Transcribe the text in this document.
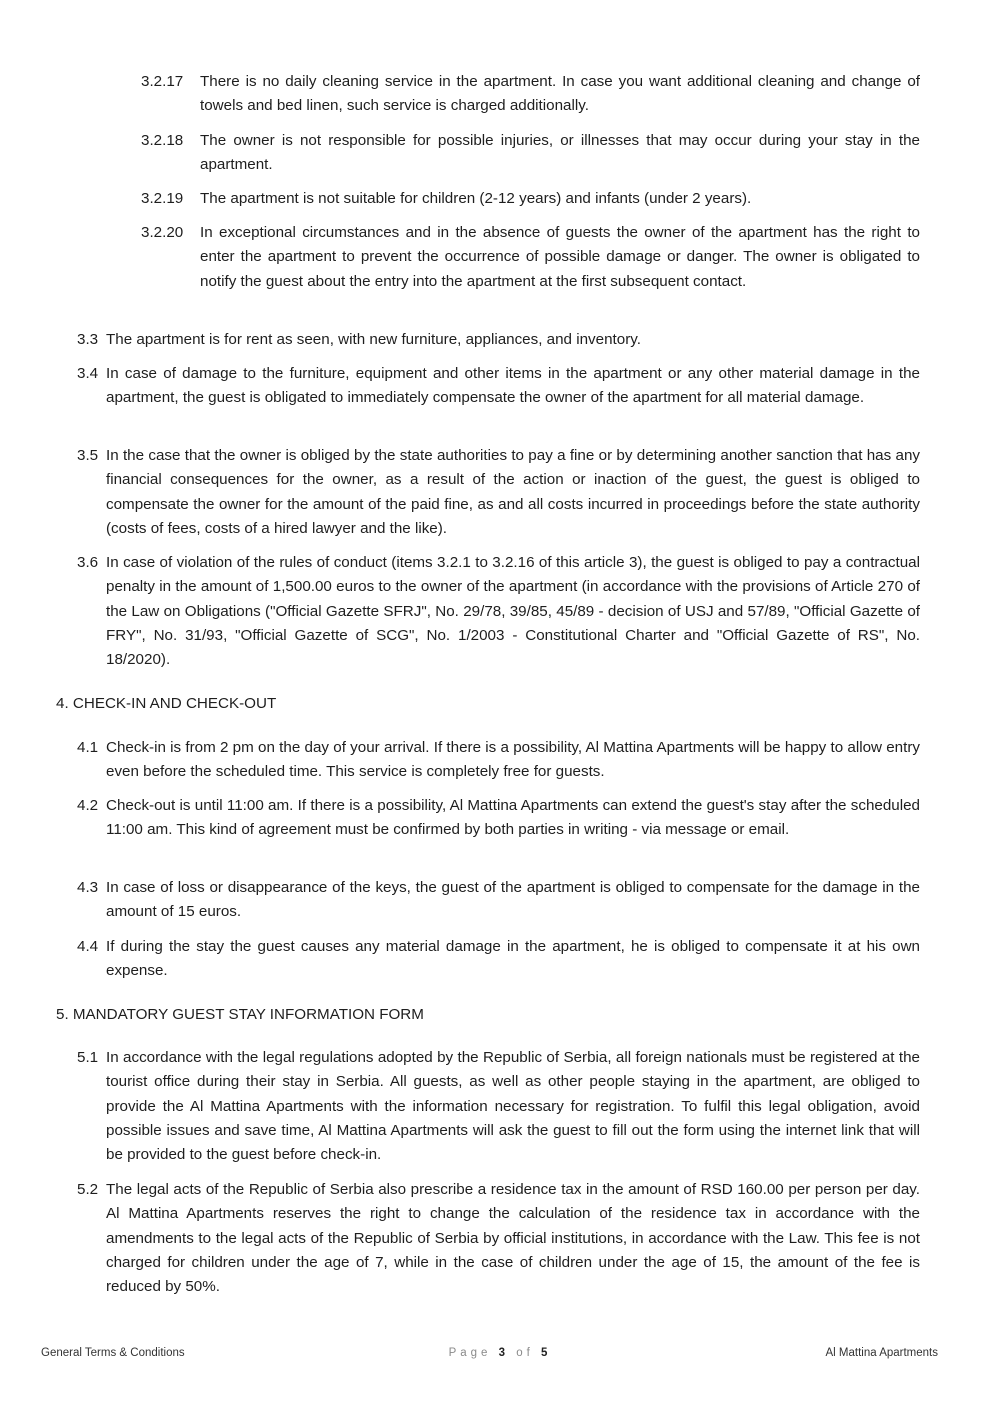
3.2.17 There is no daily cleaning service in the apartment. In case you want additional cleaning and change of towels and bed linen, such service is charged additionally.
3.2.18 The owner is not responsible for possible injuries, or illnesses that may occur during your stay in the apartment.
3.2.19 The apartment is not suitable for children (2-12 years) and infants (under 2 years).
3.2.20 In exceptional circumstances and in the absence of guests the owner of the apartment has the right to enter the apartment to prevent the occurrence of possible damage or danger. The owner is obligated to notify the guest about the entry into the apartment at the first subsequent contact.
3.3 The apartment is for rent as seen, with new furniture, appliances, and inventory.
3.4 In case of damage to the furniture, equipment and other items in the apartment or any other material damage in the apartment, the guest is obligated to immediately compensate the owner of the apartment for all material damage.
3.5 In the case that the owner is obliged by the state authorities to pay a fine or by determining another sanction that has any financial consequences for the owner, as a result of the action or inaction of the guest, the guest is obliged to compensate the owner for the amount of the paid fine, as and all costs incurred in proceedings before the state authority (costs of fees, costs of a hired lawyer and the like).
3.6 In case of violation of the rules of conduct (items 3.2.1 to 3.2.16 of this article 3), the guest is obliged to pay a contractual penalty in the amount of 1,500.00 euros to the owner of the apartment (in accordance with the provisions of Article 270 of the Law on Obligations ("Official Gazette SFRJ", No. 29/78, 39/85, 45/89 - decision of USJ and 57/89, "Official Gazette of FRY", No. 31/93, "Official Gazette of SCG", No. 1/2003 - Constitutional Charter and "Official Gazette of RS", No. 18/2020).
4. CHECK-IN AND CHECK-OUT
4.1 Check-in is from 2 pm on the day of your arrival. If there is a possibility, Al Mattina Apartments will be happy to allow entry even before the scheduled time. This service is completely free for guests.
4.2 Check-out is until 11:00 am. If there is a possibility, Al Mattina Apartments can extend the guest's stay after the scheduled 11:00 am. This kind of agreement must be confirmed by both parties in writing - via message or email.
4.3 In case of loss or disappearance of the keys, the guest of the apartment is obliged to compensate for the damage in the amount of 15 euros.
4.4 If during the stay the guest causes any material damage in the apartment, he is obliged to compensate it at his own expense.
5. MANDATORY GUEST STAY INFORMATION FORM
5.1 In accordance with the legal regulations adopted by the Republic of Serbia, all foreign nationals must be registered at the tourist office during their stay in Serbia. All guests, as well as other people staying in the apartment, are obliged to provide the Al Mattina Apartments with the information necessary for registration. To fulfil this legal obligation, avoid possible issues and save time, Al Mattina Apartments will ask the guest to fill out the form using the internet link that will be provided to the guest before check-in.
5.2 The legal acts of the Republic of Serbia also prescribe a residence tax in the amount of RSD 160.00 per person per day. Al Mattina Apartments reserves the right to change the calculation of the residence tax in accordance with the amendments to the legal acts of the Republic of Serbia by official institutions, in accordance with the Law. This fee is not charged for children under the age of 7, while in the case of children under the age of 15, the amount of the fee is reduced by 50%.
General Terms & Conditions	Page 3 of 5	Al Mattina Apartments
